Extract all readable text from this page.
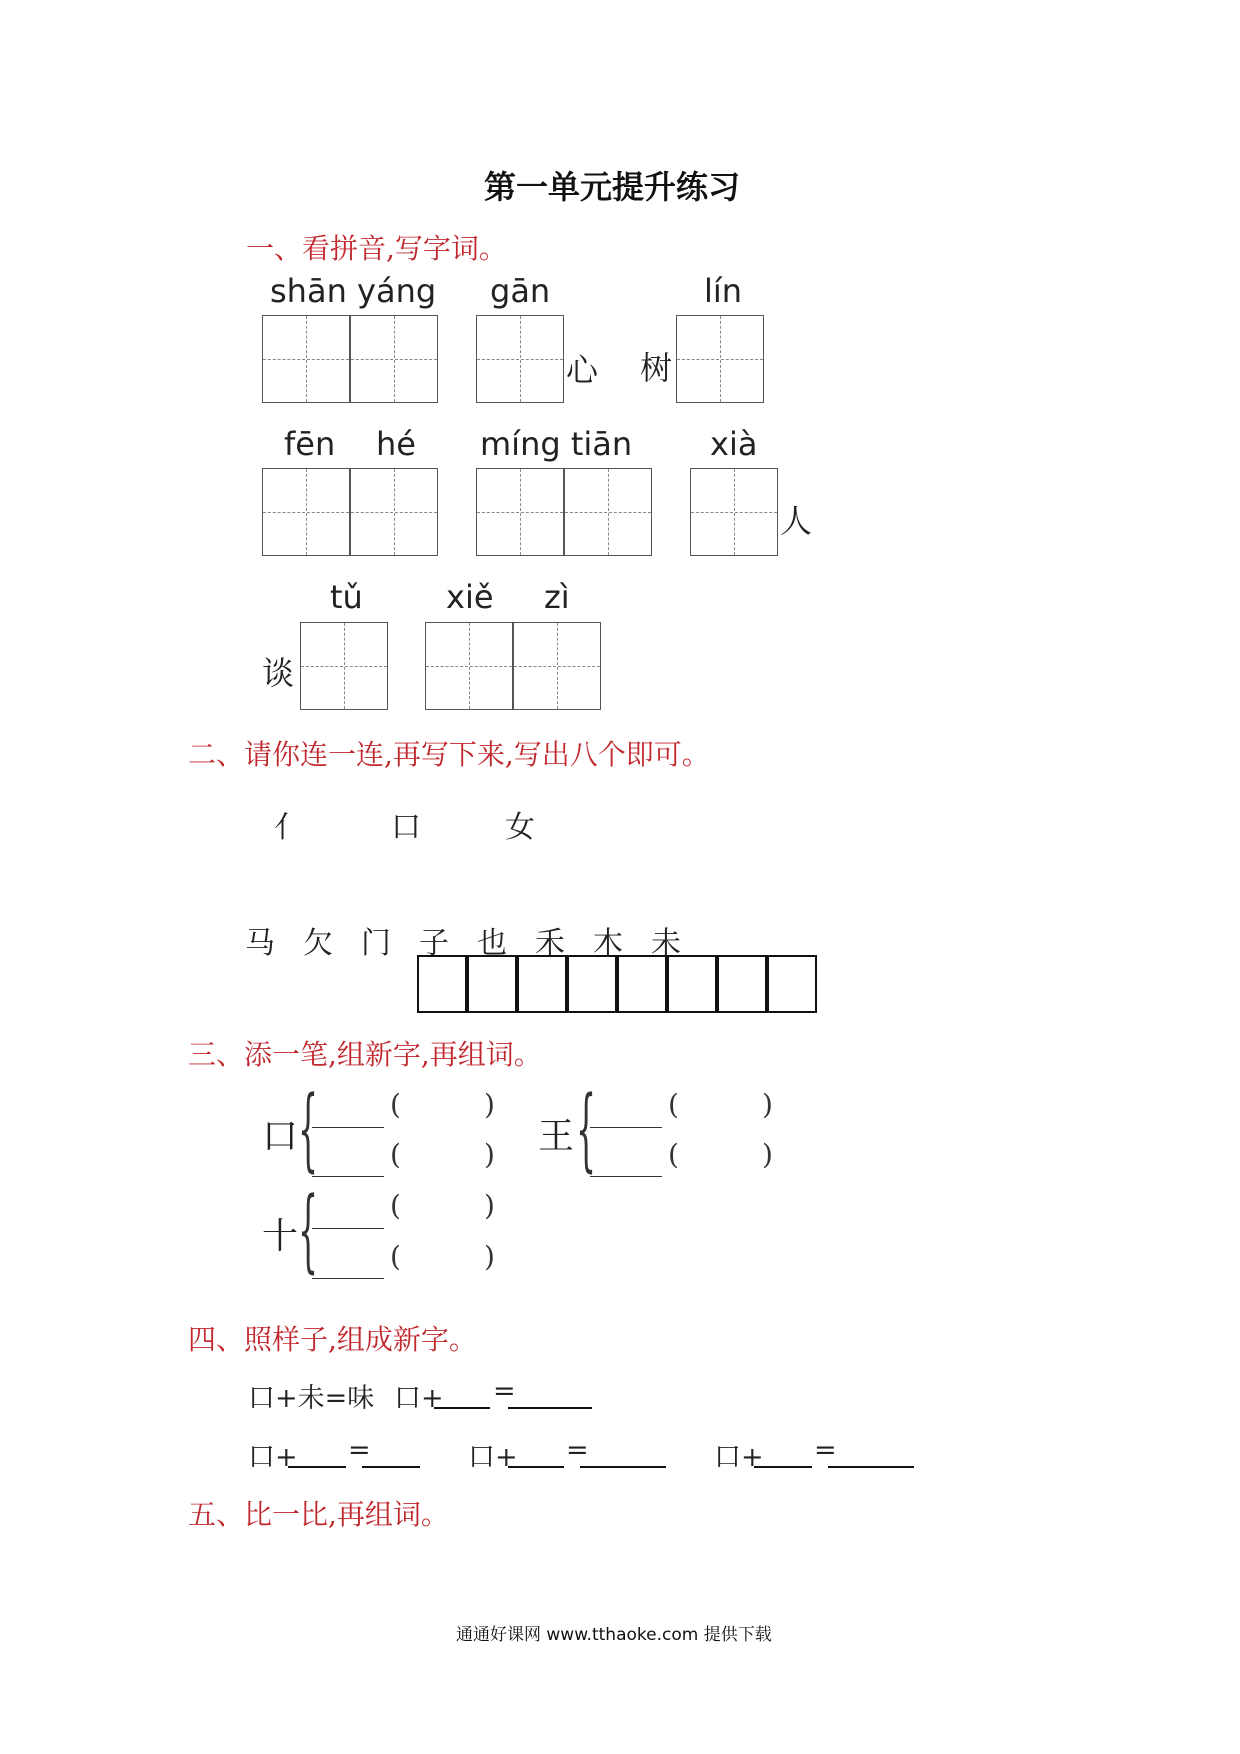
第一单元提升练习
一、看拼音,写字词。
shān yáng gān	lín
心 树
fēn hé míng tiān xià
人
tǔ	xiě zì
谈
二、请你连一连,再写下来,写出八个即可。
亻	口	女
马 欠 门 子 也 禾 木 未
三、添一笔,组新字,再组词。
口 {	(	)
(	) 王 {	(	)
(	)
十 {	(	)
(	)
四、照样子,组成新字。
口+未=味 口+ =
口+ =	口+ =	口+ =
五、比一比,再组词。
通通好课网 www.tthaoke.com 提供下载
